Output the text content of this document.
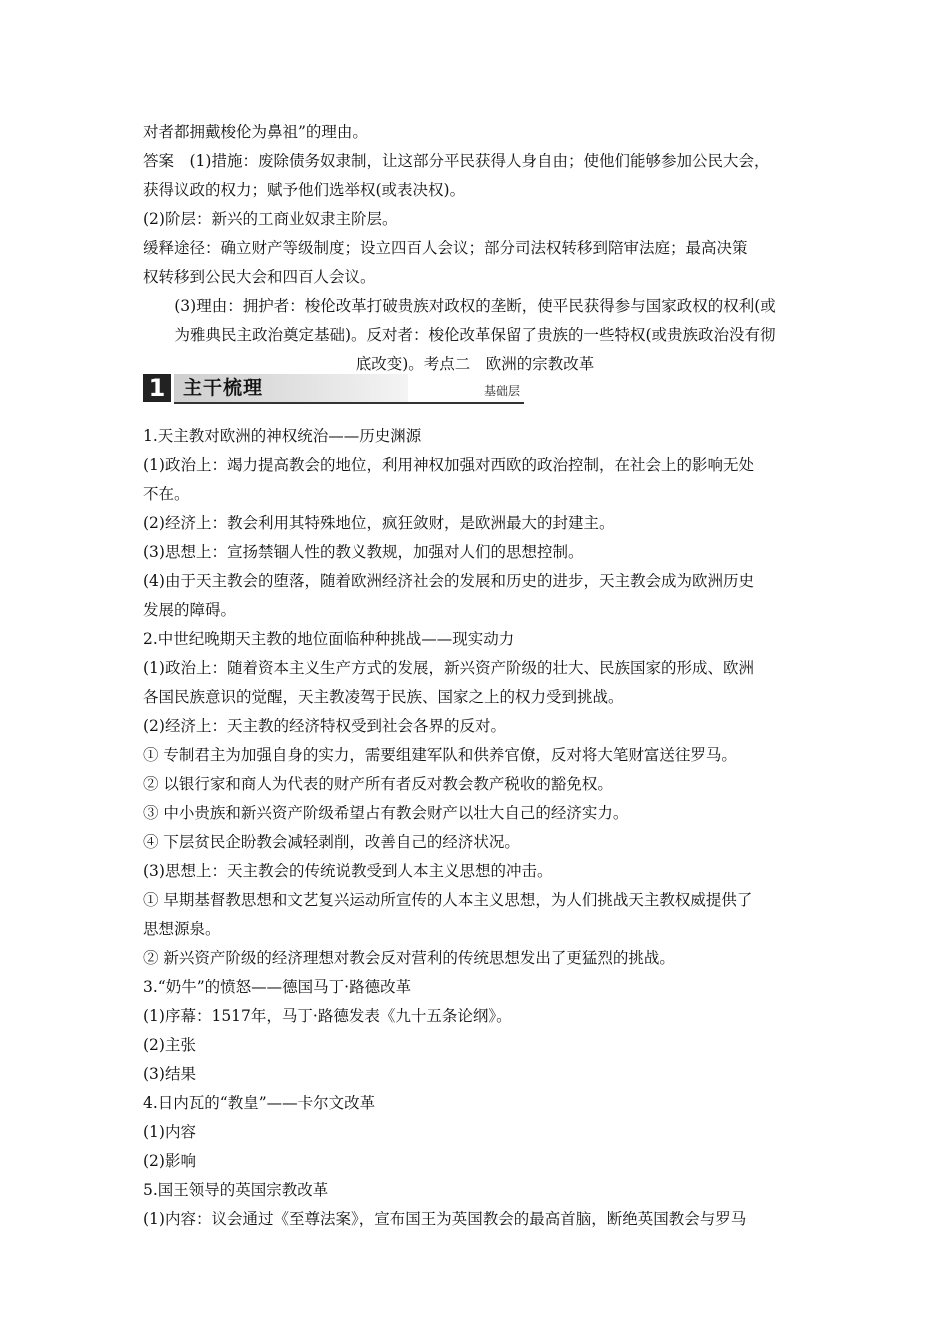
对者都拥戴梭伦为鼻祖”的理由。
答案　(1)措施：废除债务奴隶制，让这部分平民获得人身自由；使他们能够参加公民大会，
获得议政的权力；赋予他们选举权(或表决权)。
(2)阶层：新兴的工商业奴隶主阶层。
缓释途径：确立财产等级制度；设立四百人会议；部分司法权转移到陪审法庭；最高决策
权转移到公民大会和四百人会议。
(3)理由：拥护者：梭伦改革打破贵族对政权的垄断，使平民获得参与国家政权的权利(或
为雅典民主政治奠定基础)。反对者：梭伦改革保留了贵族的一些特权(或贵族政治没有彻
底改变)。考点二　欧洲的宗教改革
1 主干梳理	基础层
1.天主教对欧洲的神权统治——历史渊源
(1)政治上：竭力提高教会的地位，利用神权加强对西欧的政治控制，在社会上的影响无处
不在。
(2)经济上：教会利用其特殊地位，疯狂敛财，是欧洲最大的封建主。
(3)思想上：宣扬禁锢人性的教义教规，加强对人们的思想控制。
(4)由于天主教会的堕落，随着欧洲经济社会的发展和历史的进步，天主教会成为欧洲历史
发展的障碍。
2.中世纪晚期天主教的地位面临种种挑战——现实动力
(1)政治上：随着资本主义生产方式的发展，新兴资产阶级的壮大、民族国家的形成、欧洲
各国民族意识的觉醒，天主教凌驾于民族、国家之上的权力受到挑战。
(2)经济上：天主教的经济特权受到社会各界的反对。
① 专制君主为加强自身的实力，需要组建军队和供养官僚，反对将大笔财富送往罗马。
② 以银行家和商人为代表的财产所有者反对教会教产税收的豁免权。
③ 中小贵族和新兴资产阶级希望占有教会财产以壮大自己的经济实力。
④ 下层贫民企盼教会减轻剥削，改善自己的经济状况。
(3)思想上：天主教会的传统说教受到人本主义思想的冲击。
① 早期基督教思想和文艺复兴运动所宣传的人本主义思想，为人们挑战天主教权威提供了
思想源泉。
② 新兴资产阶级的经济理想对教会反对营利的传统思想发出了更猛烈的挑战。
3.“奶牛”的愤怒——德国马丁·路德改革
(1)序幕：1517年，马丁·路德发表《九十五条论纲》。
(2)主张
(3)结果
4.日内瓦的“教皇”——卡尔文改革
(1)内容
(2)影响
5.国王领导的英国宗教改革
(1)内容：议会通过《至尊法案》，宣布国王为英国教会的最高首脑，断绝英国教会与罗马
